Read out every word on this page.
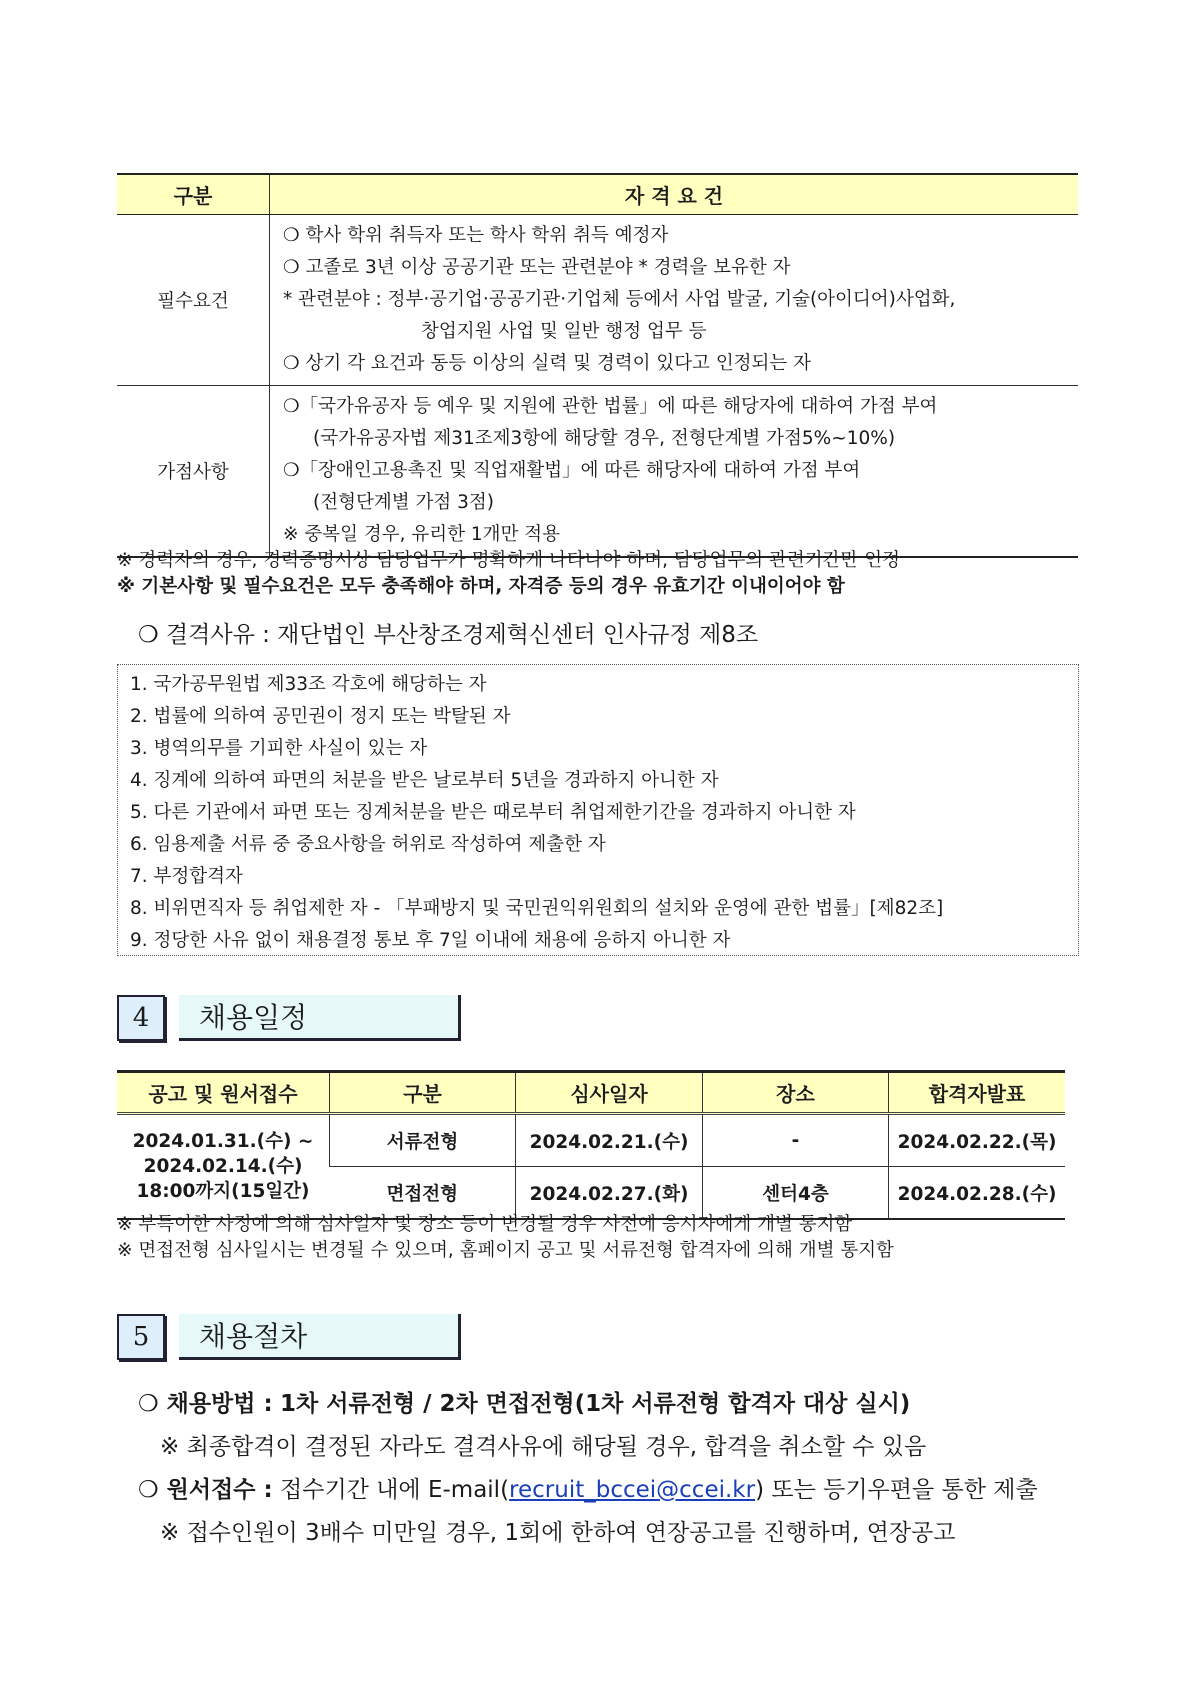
구분	자 격 요 건
필수요건	❍ 학사 학위 취득자 또는 학사 학위 취득 예정자
❍ 고졸로 3년 이상 공공기관 또는 관련분야 * 경력을 보유한 자
* 관련분야 : 정부·공기업·공공기관·기업체 등에서 사업 발굴, 기술(아이디어)사업화,
창업지원 사업 및 일반 행정 업무 등
❍ 상기 각 요건과 동등 이상의 실력 및 경력이 있다고 인정되는 자

가점사항	❍「국가유공자 등 예우 및 지원에 관한 법률」에 따른 해당자에 대하여 가점 부여
(국가유공자법 제31조제3항에 해당할 경우, 전형단계별 가점5%~10%)
❍「장애인고용촉진 및 직업재활법」에 따른 해당자에 대하여 가점 부여
(전형단계별 가점 3점)
※ 중복일 경우, 유리한 1개만 적용
※ 경력자의 경우, 경력증명서상 담당업무가 명확하게 나타나야 하며, 담당업무의 관련기간만 인정
※ 기본사항 및 필수요건은 모두 충족해야 하며, 자격증 등의 경우 유효기간 이내이어야 함
❍ 결격사유 : 재단법인 부산창조경제혁신센터 인사규정 제8조
1. 국가공무원법 제33조 각호에 해당하는 자
2. 법률에 의하여 공민권이 정지 또는 박탈된 자
3. 병역의무를 기피한 사실이 있는 자
4. 징계에 의하여 파면의 처분을 받은 날로부터 5년을 경과하지 아니한 자
5. 다른 기관에서 파면 또는 징계처분을 받은 때로부터 취업제한기간을 경과하지 아니한 자
6. 임용제출 서류 중 중요사항을 허위로 작성하여 제출한 자
7. 부정합격자
8. 비위면직자 등 취업제한 자 - 「부패방지 및 국민권익위원회의 설치와 운영에 관한 법률」[제82조]
9. 정당한 사유 없이 채용결정 통보 후 7일 이내에 채용에 응하지 아니한 자
4	채용일정
공고 및 원서접수	구분	심사일자	장소	합격자발표

2024.01.31.(수) ~
2024.02.14.(수)
18:00까지(15일간)	서류전형	2024.02.21.(수)	-	2024.02.22.(목)
	면접전형	2024.02.27.(화)	센터4층	2024.02.28.(수)
※ 부득이한 사정에 의해 심사일자 및 장소 등이 변경될 경우 사전에 응시자에게 개별 통지함
※ 면접전형 심사일시는 변경될 수 있으며, 홈페이지 공고 및 서류전형 합격자에 의해 개별 통지함
5	채용절차
❍ 채용방법 : 1차 서류전형 / 2차 면접전형(1차 서류전형 합격자 대상 실시)
※ 최종합격이 결정된 자라도 결격사유에 해당될 경우, 합격을 취소할 수 있음
❍ 원서접수 : 접수기간 내에 E-mail(recruit_bccei@ccei.kr) 또는 등기우편을 통한 제출
※ 접수인원이 3배수 미만일 경우, 1회에 한하여 연장공고를 진행하며, 연장공고
